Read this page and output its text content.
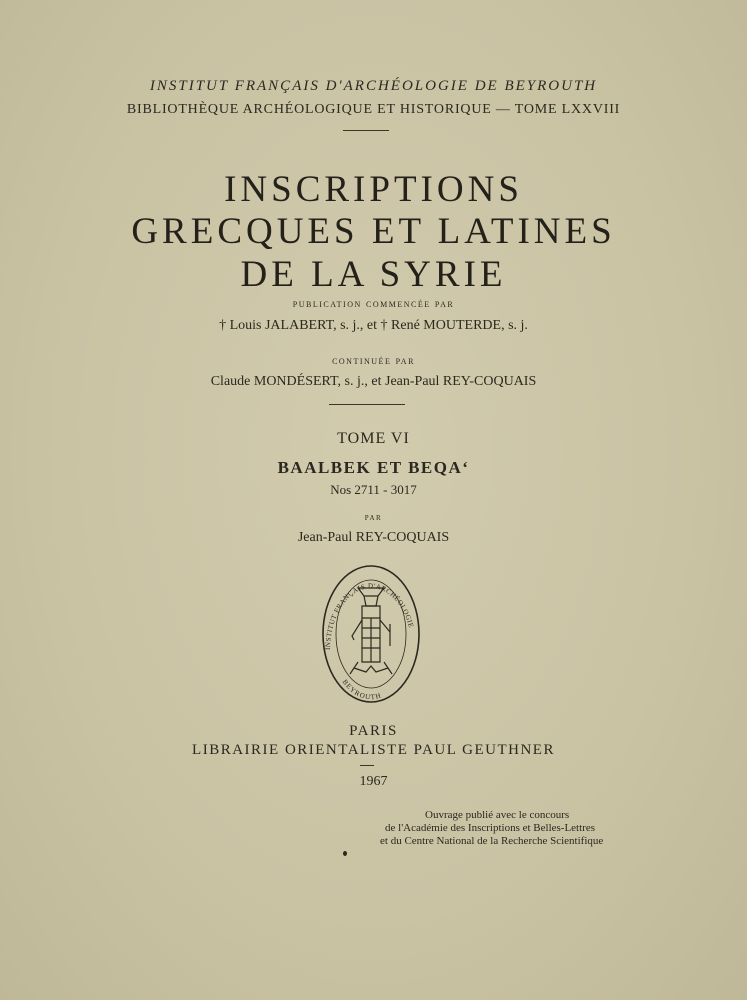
INSTITUT FRANÇAIS D'ARCHÉOLOGIE DE BEYROUTH
BIBLIOTHÈQUE ARCHÉOLOGIQUE ET HISTORIQUE — TOME LXXVIII
INSCRIPTIONS
GRECQUES ET LATINES
DE LA SYRIE
publication commencée par
† Louis JALABERT, s. j., et † René MOUTERDE, s. j.
continuée par
Claude MONDÉSERT, s. j., et Jean-Paul REY-COQUAIS
TOME VI
BAALBEK ET BEQA‘
Nos 2711 - 3017
par
Jean-Paul REY-COQUAIS
INSTITUT FRANÇAIS D'ARCHÉOLOGIE
BEYROUTH
PARIS
LIBRAIRIE ORIENTALISTE PAUL GEUTHNER
1967
Ouvrage publié avec le concours
de l'Académie des Inscriptions et Belles-Lettres
et du Centre National de la Recherche Scientifique
